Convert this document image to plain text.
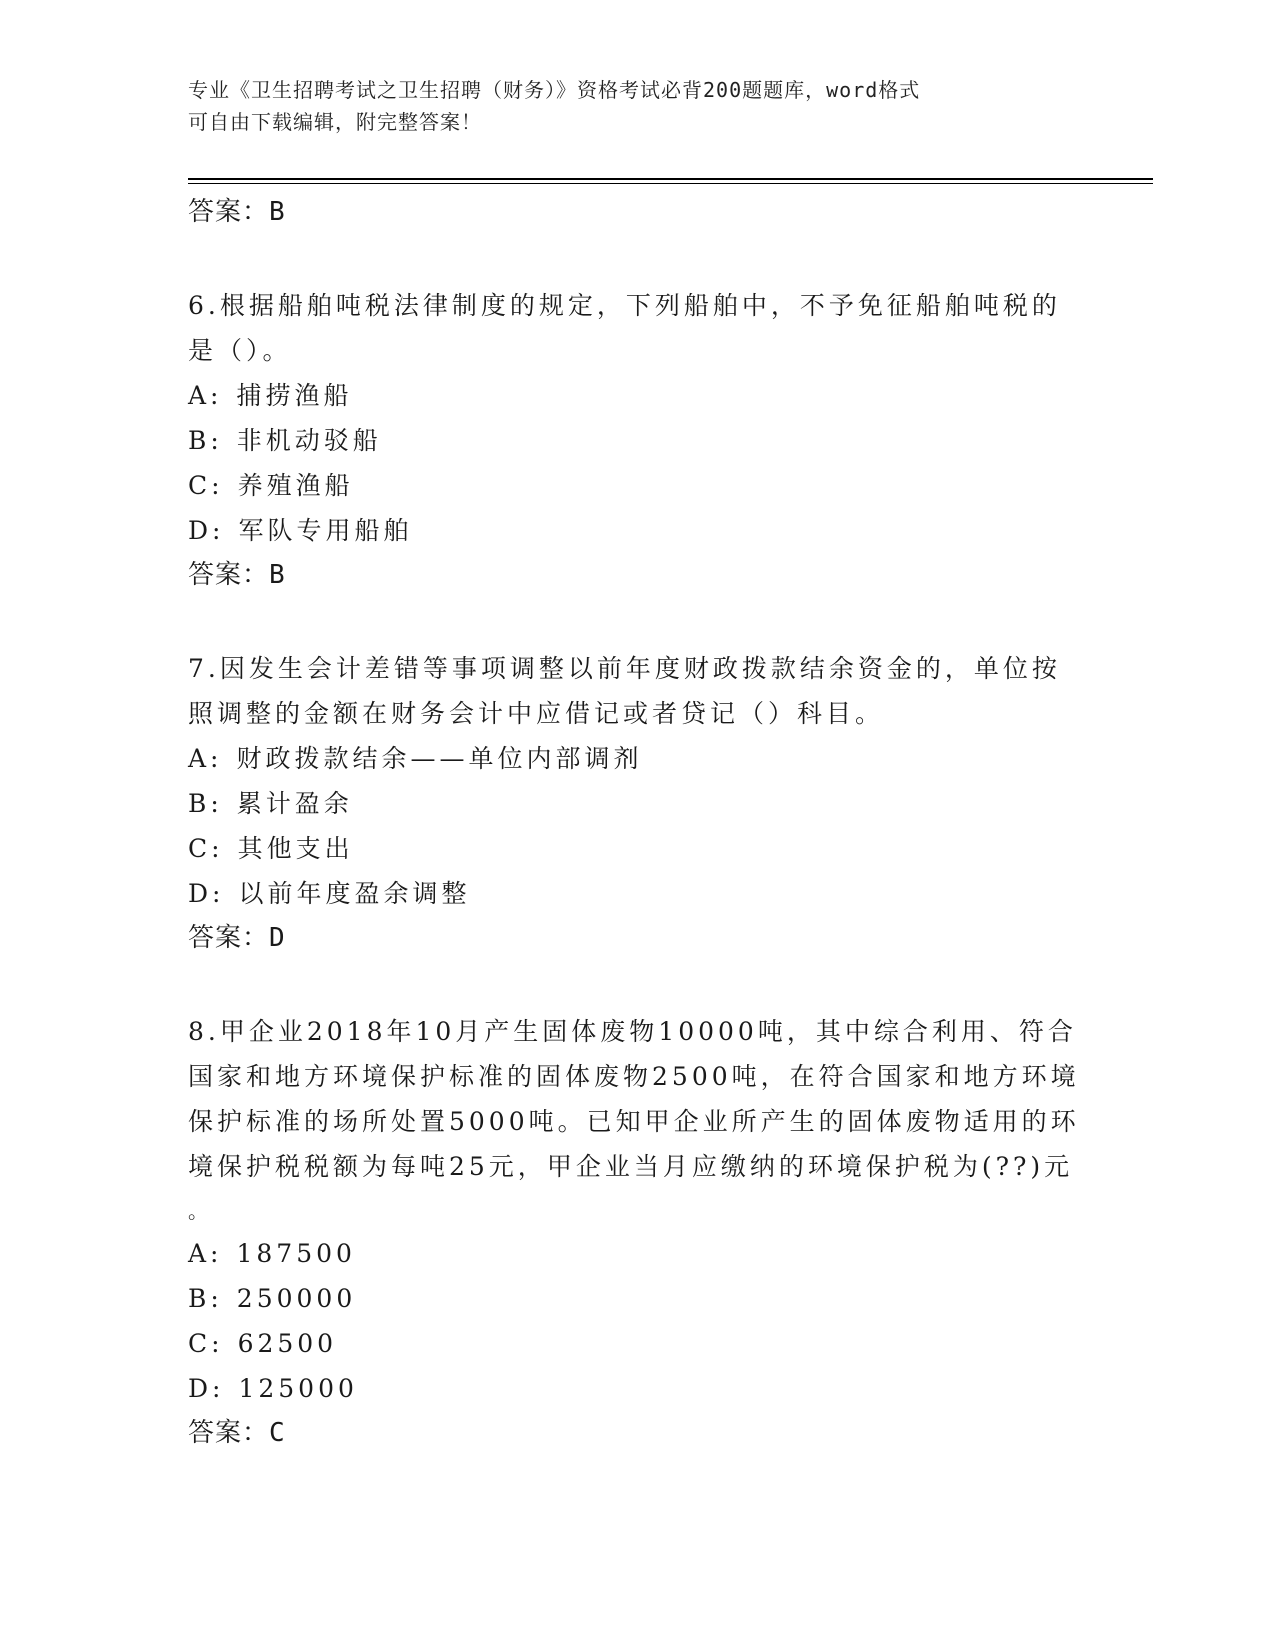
专业《卫生招聘考试之卫生招聘（财务）》资格考试必背200题题库，word格式
可自由下载编辑，附完整答案！
答案：B
6.根据船舶吨税法律制度的规定，下列船舶中，不予免征船舶吨税的
是（）。
A: 捕捞渔船
B: 非机动驳船
C: 养殖渔船
D: 军队专用船舶
答案：B
7.因发生会计差错等事项调整以前年度财政拨款结余资金的，单位按
照调整的金额在财务会计中应借记或者贷记（）科目。
A: 财政拨款结余——单位内部调剂
B: 累计盈余
C: 其他支出
D: 以前年度盈余调整
答案：D
8.甲企业2018年10月产生固体废物10000吨，其中综合利用、符合
国家和地方环境保护标准的固体废物2500吨，在符合国家和地方环境
保护标准的场所处置5000吨。已知甲企业所产生的固体废物适用的环
境保护税税额为每吨25元，甲企业当月应缴纳的环境保护税为(??)元
。
A: 187500
B: 250000
C: 62500
D: 125000
答案：C
